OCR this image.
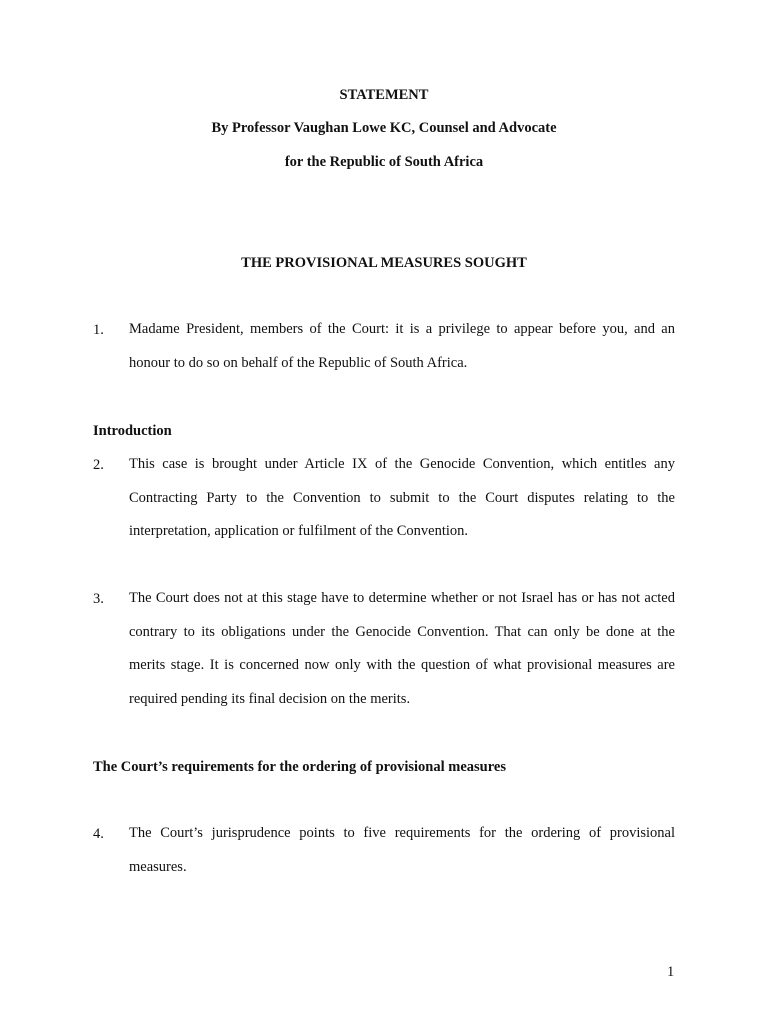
STATEMENT
By Professor Vaughan Lowe KC, Counsel and Advocate
for the Republic of South Africa
THE PROVISIONAL MEASURES SOUGHT
1. Madame President, members of the Court: it is a privilege to appear before you, and an honour to do so on behalf of the Republic of South Africa.
Introduction
2. This case is brought under Article IX of the Genocide Convention, which entitles any Contracting Party to the Convention to submit to the Court disputes relating to the interpretation, application or fulfilment of the Convention.
3. The Court does not at this stage have to determine whether or not Israel has or has not acted contrary to its obligations under the Genocide Convention. That can only be done at the merits stage. It is concerned now only with the question of what provisional measures are required pending its final decision on the merits.
The Court’s requirements for the ordering of provisional measures
4. The Court’s jurisprudence points to five requirements for the ordering of provisional measures.
1
